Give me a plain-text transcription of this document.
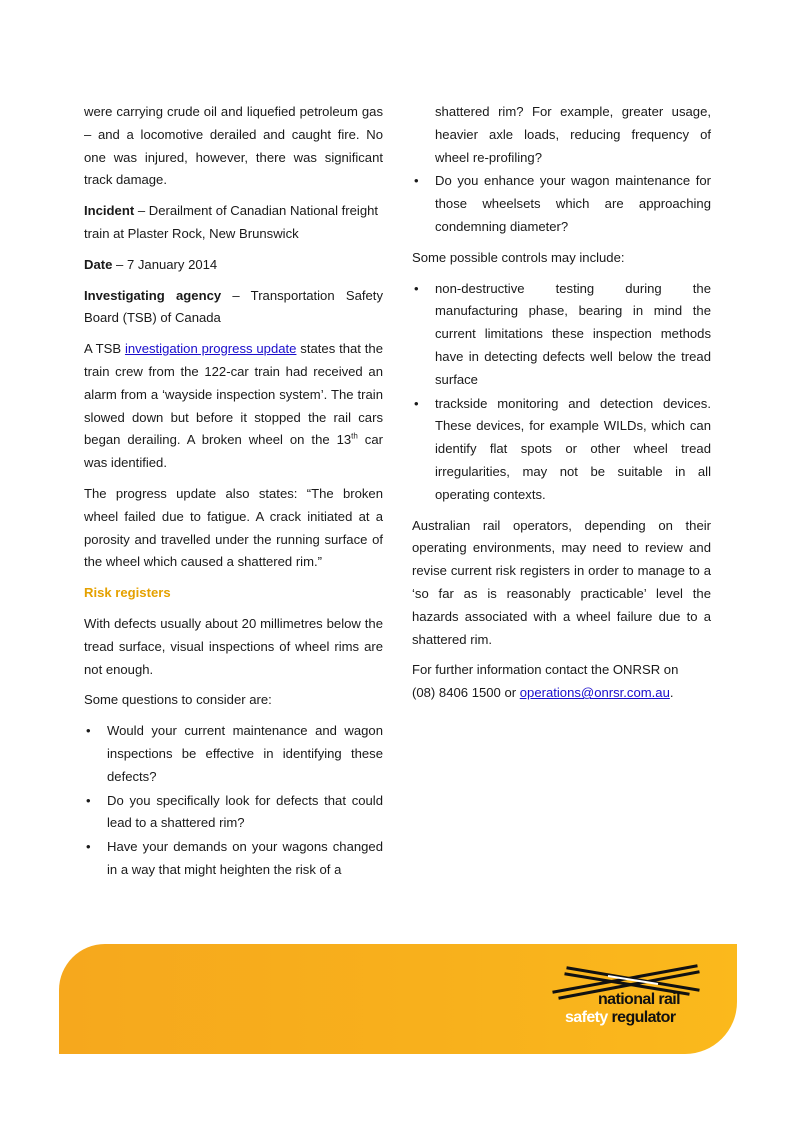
were carrying crude oil and liquefied petroleum gas – and a locomotive derailed and caught fire. No one was injured, however, there was significant track damage.

Incident – Derailment of Canadian National freight train at Plaster Rock, New Brunswick

Date – 7 January 2014

Investigating agency – Transportation Safety Board (TSB) of Canada

A TSB investigation progress update states that the train crew from the 122-car train had received an alarm from a ‘wayside inspection system’. The train slowed down but before it stopped the rail cars began derailing. A broken wheel on the 13th car was identified.

The progress update also states: “The broken wheel failed due to fatigue. A crack initiated at a porosity and travelled under the running surface of the wheel which caused a shattered rim.”

Risk registers

With defects usually about 20 millimetres below the tread surface, visual inspections of wheel rims are not enough.

Some questions to consider are:

• Would your current maintenance and wagon inspections be effective in identifying these defects?
• Do you specifically look for defects that could lead to a shattered rim?
• Have your demands on your wagons changed in a way that might heighten the risk of a
shattered rim? For example, greater usage, heavier axle loads, reducing frequency of wheel re-profiling?
• Do you enhance your wagon maintenance for those wheelsets which are approaching condemning diameter?

Some possible controls may include:

• non-destructive testing during the manufacturing phase, bearing in mind the current limitations these inspection methods have in detecting defects well below the tread surface
• trackside monitoring and detection devices. These devices, for example WILDs, which can identify flat spots or other wheel tread irregularities, may not be suitable in all operating contexts.

Australian rail operators, depending on their operating environments, may need to review and revise current risk registers in order to manage to a ‘so far as is reasonably practicable’ level the hazards associated with a wheel failure due to a shattered rim.

For further information contact the ONRSR on
(08) 8406 1500 or operations@onrsr.com.au.

national rail
safety regulator
